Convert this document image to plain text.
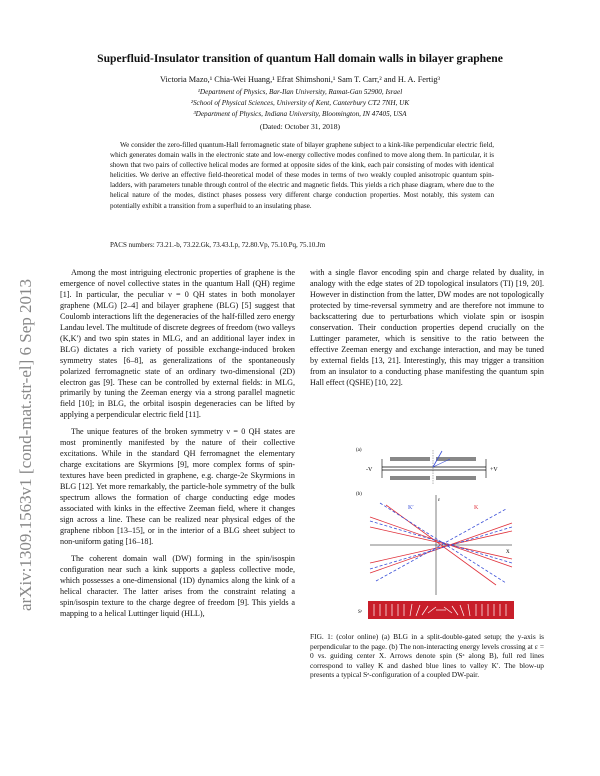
Superfluid-Insulator transition of quantum Hall domain walls in bilayer graphene
Victoria Mazo,¹ Chia-Wei Huang,¹ Efrat Shimshoni,¹ Sam T. Carr,² and H. A. Fertig³
¹Department of Physics, Bar-Ilan University, Ramat-Gan 52900, Israel
²School of Physical Sciences, University of Kent, Canterbury CT2 7NH, UK
³Department of Physics, Indiana University, Bloomington, IN 47405, USA
(Dated: October 31, 2018)
We consider the zero-filled quantum-Hall ferromagnetic state of bilayer graphene subject to a kink-like perpendicular electric field, which generates domain walls in the electronic state and low-energy collective modes confined to move along them. In particular, it is shown that two pairs of collective helical modes are formed at opposite sides of the kink, each pair consisting of modes with identical helicities. We derive an effective field-theoretical model of these modes in terms of two weakly coupled anisotropic quantum spin-ladders, with parameters tunable through control of the electric and magnetic fields. This yields a rich phase diagram, where due to the helical nature of the modes, distinct phases possess very different charge conduction properties. Most notably, this system can potentially exhibit a transition from a superfluid to an insulating phase.
PACS numbers: 73.21.-b, 73.22.Gk, 73.43.Lp, 72.80.Vp, 75.10.Pq, 75.10.Jm
arXiv:1309.1563v1 [cond-mat.str-el] 6 Sep 2013

Among the most intriguing electronic properties of graphene is the emergence of novel collective states in the quantum Hall (QH) regime [1]. In particular, the peculiar ν = 0 QH states in both monolayer graphene (MLG) [2–4] and bilayer graphene (BLG) [5] suggest that Coulomb interactions lift the degeneracies of the half-filled zero energy Landau level. The multitude of discrete degrees of freedom (two valleys (K,K′) and two spin states in MLG, and an additional layer index in BLG) dictates a rich variety of possible exchange-induced broken symmetry states [6–8], as generalizations of the spontaneously polarized ferromagnetic state of an ordinary two-dimensional (2D) electron gas [9]. These can be controlled by external fields: in MLG, primarily by tuning the Zeeman energy via a strong parallel magnetic field [10]; in BLG, the orbital isospin degeneracies can be lifted by applying a perpendicular electric field [11].

The unique features of the broken symmetry ν = 0 QH states are most prominently manifested by the nature of their collective excitations. While in the standard QH ferromagnet the elementary charge excitations are Skyrmions [9], more complex forms of spin-textures have been predicted in graphene, e.g. charge-2e Skyrmions in BLG [12]. Yet more remarkably, the particle-hole symmetry of the bulk spectrum allows the formation of charge conducting edge modes associated with kinks in the effective Zeeman field, where it changes sign across a line. These can be realized near physical edges of the graphene ribbon [13–15], or in the interior of a BLG sheet subject to non-uniform gating [16–18].

The coherent domain wall (DW) forming in the spin/isospin configuration near such a kink supports a gapless collective mode, which possesses a one-dimensional (1D) dynamics along the kink of a helical character. The latter arises from the constraint relating a spin/isospin texture to the charge degree of freedom [9]. This yields a mapping to a helical Luttinger liquid (HLL),

with a single flavor encoding spin and charge related by duality, in analogy with the edge states of 2D topological insulators (TI) [19, 20]. However in distinction from the latter, DW modes are not topologically protected by time-reversal symmetry and are therefore not immune to backscattering due to perturbations which violate spin or isospin conservation. Their conduction properties depend crucially on the Luttinger parameter, which is sensitive to the ratio between the effective Zeeman energy and exchange interaction, and may be tuned by external fields [13, 21]. Interestingly, this may trigger a transition from an insulator to a conducting phase manifesting the quantum spin Hall effect (QSHE) [10, 22].

(a)
-V	+V
(b)
K′	K
ε
X
Sᶻ
FIG. 1: (color online) (a) BLG in a split-double-gated setup; the y-axis is perpendicular to the page. (b) The non-interacting energy levels crossing at ε = 0 vs. guiding center X. Arrows denote spin (Sᶻ along B), full red lines correspond to valley K and dashed blue lines to valley K′. The blow-up presents a typical Sᶻ-configuration of a coupled DW-pair.
